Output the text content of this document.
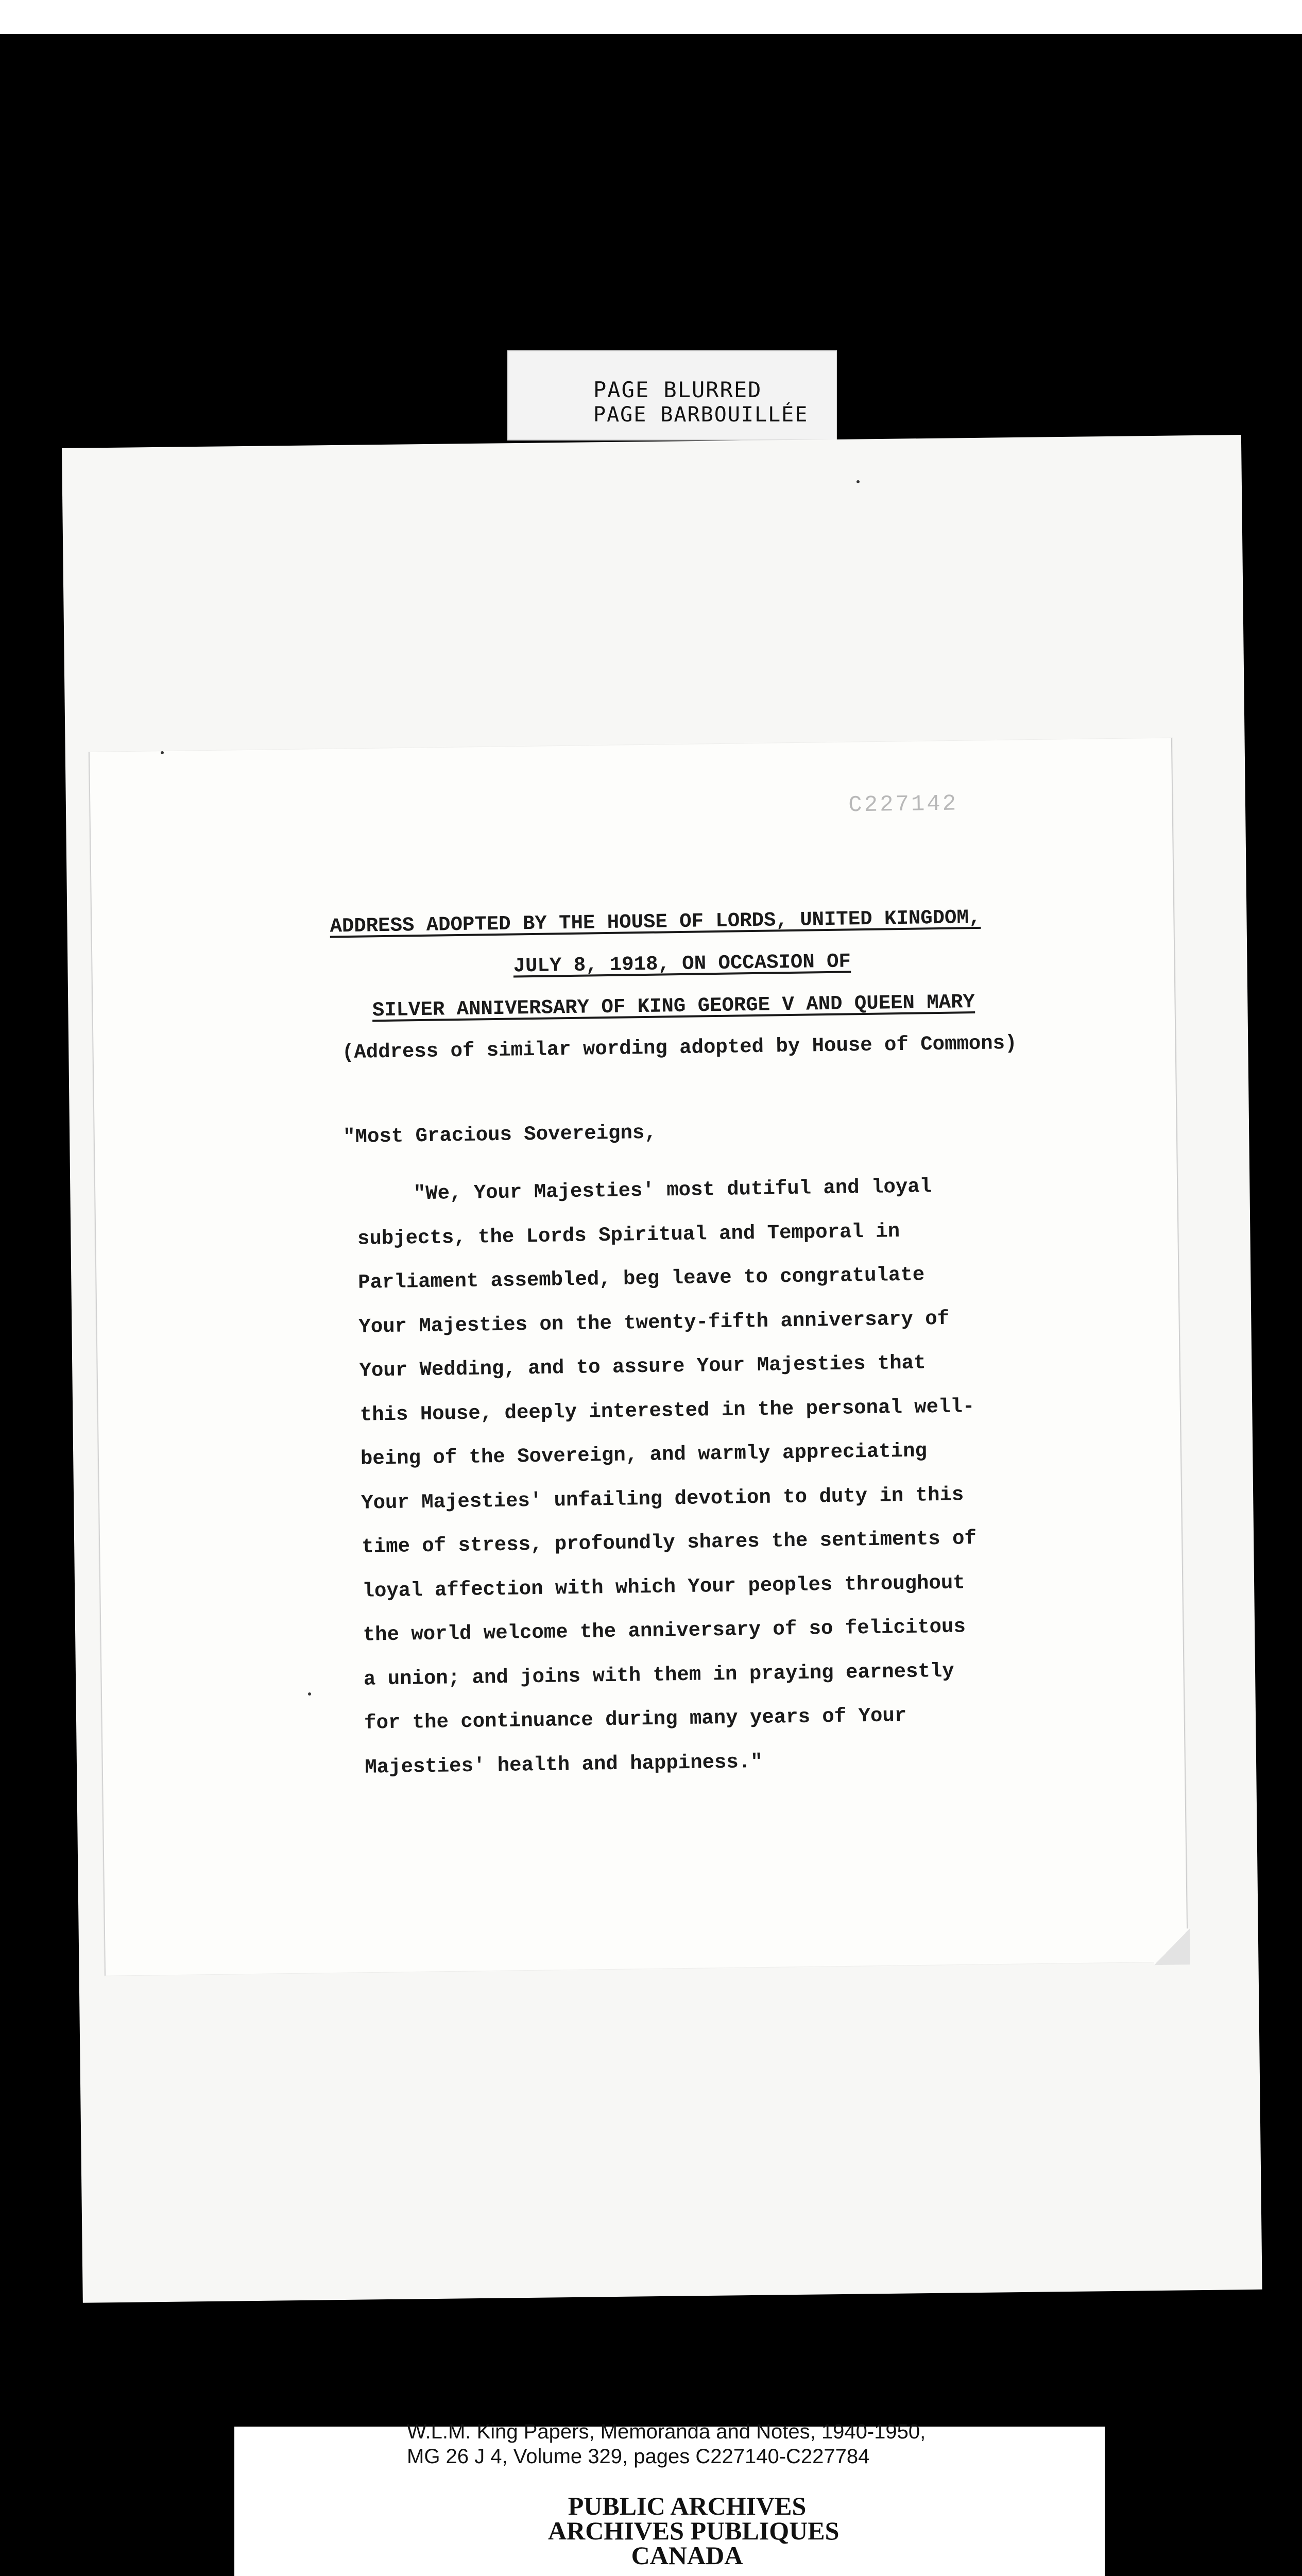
PAGE BLURRED
PAGE BARBOUILLÉE
C227142
ADDRESS ADOPTED BY THE HOUSE OF LORDS, UNITED KINGDOM,
JULY 8, 1918, ON OCCASION OF
SILVER ANNIVERSARY OF KING GEORGE V AND QUEEN MARY
(Address of similar wording adopted by House of Commons)
"Most Gracious Sovereigns,
"We, Your Majesties' most dutiful and loyal
subjects, the Lords Spiritual and Temporal in
Parliament assembled, beg leave to congratulate
Your Majesties on the twenty-fifth anniversary of
Your Wedding, and to assure Your Majesties that
this House, deeply interested in the personal well-
being of the Sovereign, and warmly appreciating
Your Majesties' unfailing devotion to duty in this
time of stress, profoundly shares the sentiments of
loyal affection with which Your peoples throughout
the world welcome the anniversary of so felicitous
a union; and joins with them in praying earnestly
for the continuance during many years of Your
Majesties' health and happiness."
W.L.M. King Papers, Memoranda and Notes, 1940-1950,
MG 26 J 4, Volume 329, pages C227140-C227784
PUBLIC ARCHIVES
ARCHIVES PUBLIQUES
CANADA
